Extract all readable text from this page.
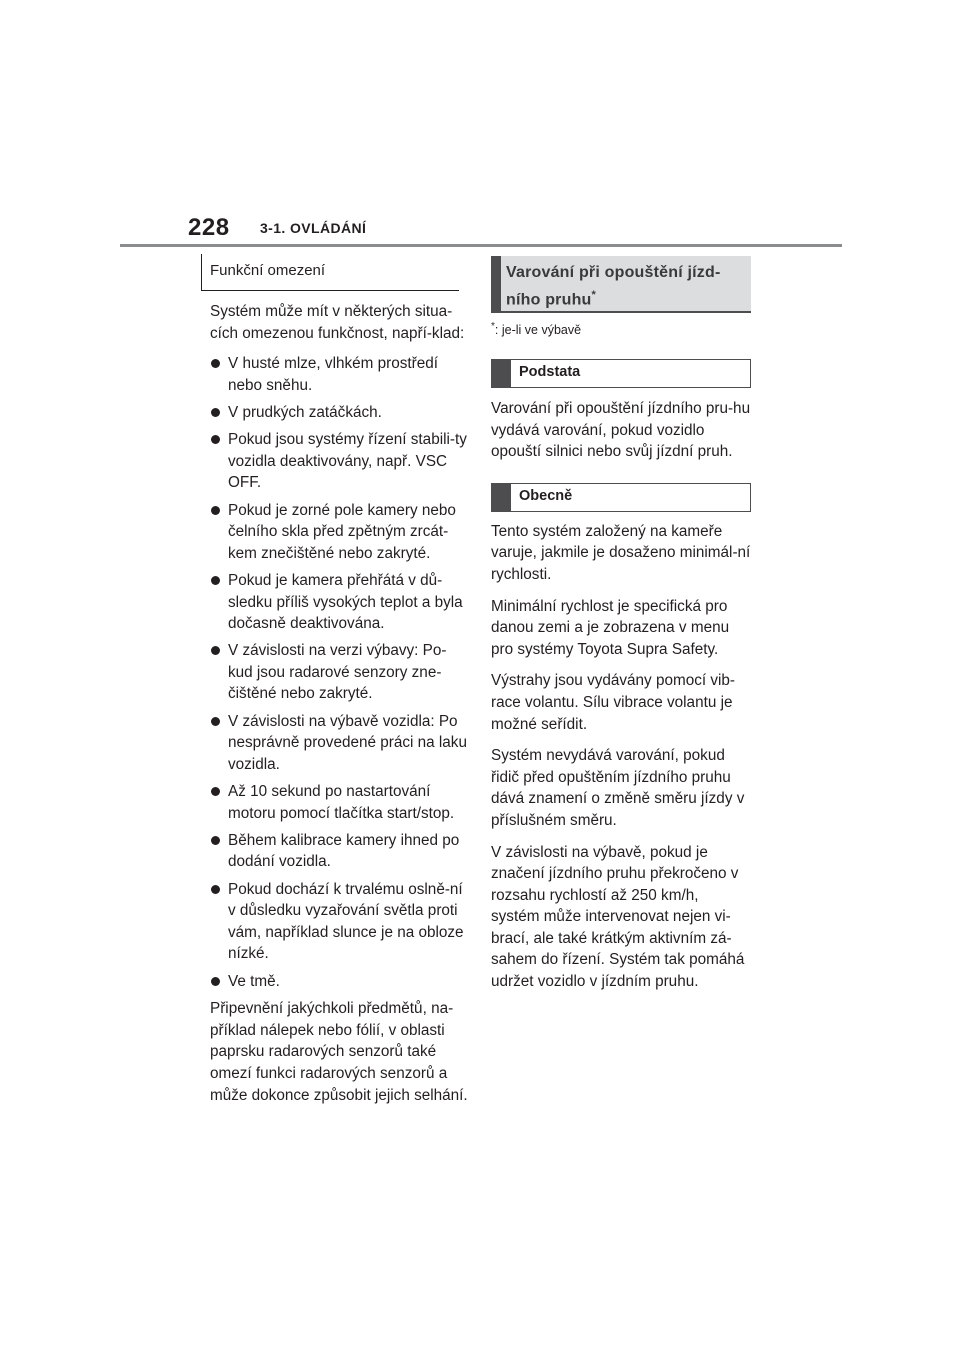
228 3-1. OVLÁDÁNÍ
Funkční omezení

Systém může mít v některých situa-cích omezenou funkčnost, napří-klad:

V husté mlze, vlhkém prostředí nebo sněhu.
V prudkých zatáčkách.
Pokud jsou systémy řízení stabili-ty vozidla deaktivovány, např. VSC OFF.
Pokud je zorné pole kamery nebo čelního skla před zpětným zrcát-kem znečištěné nebo zakryté.
Pokud je kamera přehřátá v dů-sledku příliš vysokých teplot a byla dočasně deaktivována.
V závislosti na verzi výbavy: Po-kud jsou radarové senzory zne-čištěné nebo zakryté.
V závislosti na výbavě vozidla: Po nesprávně provedené práci na laku vozidla.
Až 10 sekund po nastartování motoru pomocí tlačítka start/stop.
Během kalibrace kamery ihned po dodání vozidla.
Pokud dochází k trvalému oslně-ní v důsledku vyzařování světla proti vám, například slunce je na obloze nízké.
Ve tmě.

Připevnění jakýchkoli předmětů, na-příklad nálepek nebo fólií, v oblasti paprsku radarových senzorů také omezí funkci radarových senzorů a může dokonce způsobit jejich selhání.

Varování při opouštění jízd-ního pruhu*
*: je-li ve výbavě
Podstata

Varování při opouštění jízdního pru-hu vydává varování, pokud vozidlo opouští silnici nebo svůj jízdní pruh.

Obecně

Tento systém založený na kameře varuje, jakmile je dosaženo minimál-ní rychlosti.

Minimální rychlost je specifická pro danou zemi a je zobrazena v menu pro systémy Toyota Supra Safety.

Výstrahy jsou vydávány pomocí vib-race volantu. Sílu vibrace volantu je možné seřídit.

Systém nevydává varování, pokud řidič před opuštěním jízdního pruhu dává znamení o změně směru jízdy v příslušném směru.

V závislosti na výbavě, pokud je značení jízdního pruhu překročeno v rozsahu rychlostí až 250 km/h, systém může intervenovat nejen vi-brací, ale také krátkým aktivním zá-sahem do řízení. Systém tak pomáhá udržet vozidlo v jízdním pruhu.
